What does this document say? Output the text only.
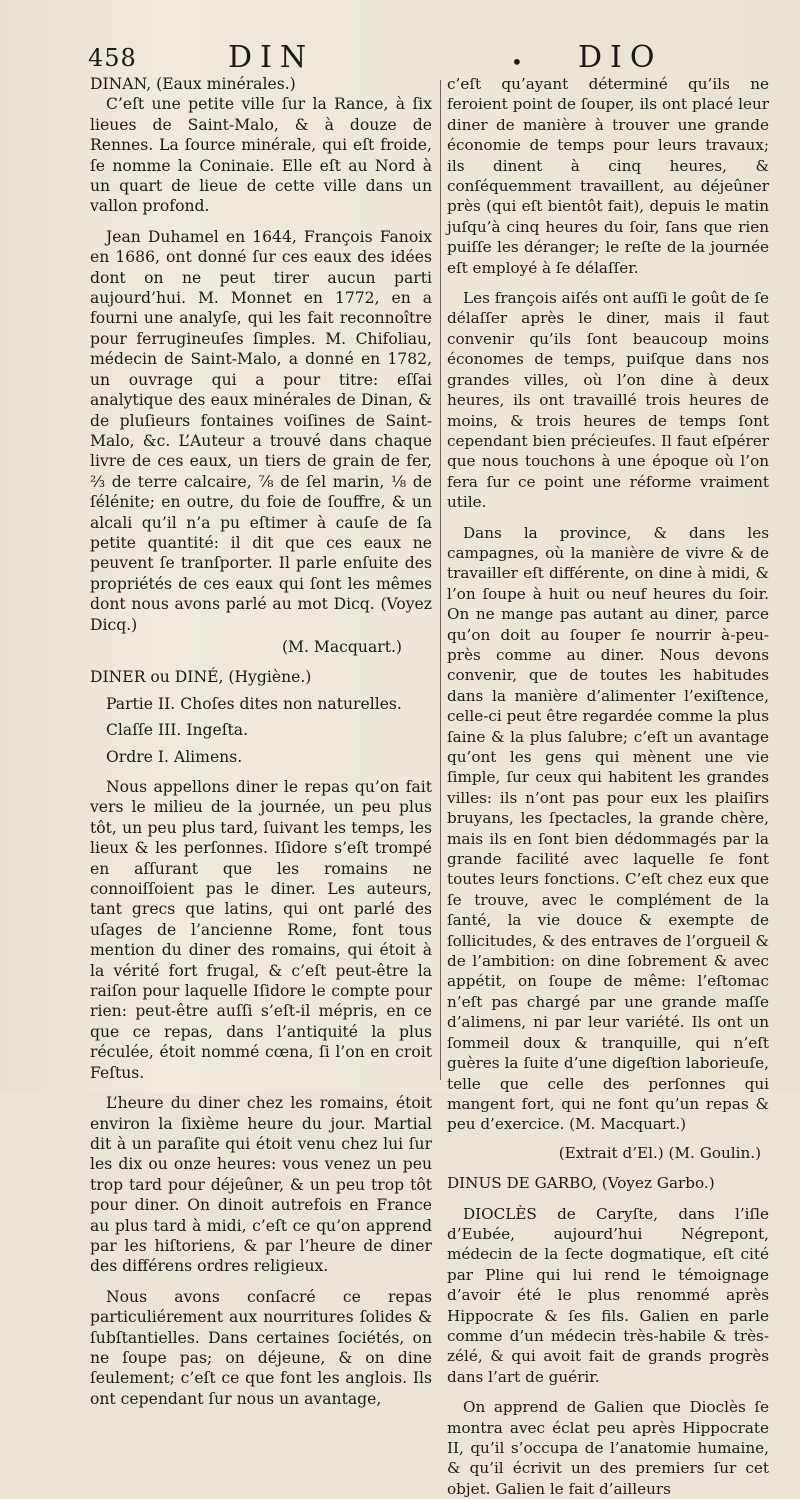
458	DIN	• DIO

DINAN, (Eaux minérales.)

C’eſt une petite ville ſur la Rance, à ſix lieues de Saint-Malo, & à douze de Rennes. La ſource minérale, qui eſt froide, ſe nomme la Coninaie. Elle eſt au Nord à un quart de lieue de cette ville dans un vallon profond.

Jean Duhamel en 1644, François Fanoix en 1686, ont donné ſur ces eaux des idées dont on ne peut tirer aucun parti aujourd’hui. M. Monnet en 1772, en a fourni une analyſe, qui les fait reconnoître pour ferrugineuſes ſimples. M. Chifoliau, médecin de Saint-Malo, a donné en 1782, un ouvrage qui a pour titre: eſſai analytique des eaux minérales de Dinan, & de pluſieurs fontaines voiſines de Saint-Malo, &c. L’Auteur a trouvé dans chaque livre de ces eaux, un tiers de grain de fer, ⅔ de terre calcaire, ⅞ de ſel marin, ⅛ de ſélénite; en outre, du foie de ſouffre, & un alcali qu’il n’a pu eſtimer à cauſe de ſa petite quantité: il dit que ces eaux ne peuvent ſe tranſporter. Il parle enſuite des propriétés de ces eaux qui ſont les mêmes dont nous avons parlé au mot Dicq. (Voyez Dicq.)

(M. Macquart.)

DINER ou DINÉ, (Hygiène.)

Partie II. Choſes dites non naturelles.

Claſſe III. Ingeſta.

Ordre I. Alimens.

Nous appellons diner le repas qu’on fait vers le milieu de la journée, un peu plus tôt, un peu plus tard, ſuivant les temps, les lieux & les perſonnes. Iſidore s’eſt trompé en aſſurant que les romains ne connoiſſoient pas le diner. Les auteurs, tant grecs que latins, qui ont parlé des uſages de l’ancienne Rome, font tous mention du diner des romains, qui étoit à la vérité fort frugal, & c’eſt peut-être la raiſon pour laquelle Iſidore le compte pour rien: peut-être auſſi s’eſt-il mépris, en ce que ce repas, dans l’antiquité la plus réculée, étoit nommé cœna, ſi l’on en croit Feſtus.

L’heure du diner chez les romains, étoit environ la ſixième heure du jour. Martial dit à un paraſite qui étoit venu chez lui ſur les dix ou onze heures: vous venez un peu trop tard pour déjeûner, & un peu trop tôt pour diner. On dinoit autrefois en France au plus tard à midi, c’eſt ce qu’on apprend par les hiſtoriens, & par l’heure de diner des différens ordres religieux.

Nous avons conſacré ce repas particuliérement aux nourritures ſolides & ſubſtantielles. Dans certaines ſociétés, on ne ſoupe pas; on déjeune, & on dine ſeulement; c’eſt ce que font les anglois. Ils ont cependant ſur nous un avantage,

c’eſt qu’ayant déterminé qu’ils ne feroient point de ſouper, ils ont placé leur diner de manière à trouver une grande économie de temps pour leurs travaux; ils dinent à cinq heures, & conſéquemment travaillent, au déjeûner près (qui eſt bientôt fait), depuis le matin juſqu’à cinq heures du ſoir, ſans que rien puiſſe les déranger; le reſte de la journée eſt employé à ſe délaſſer.

Les françois aiſés ont auſſi le goût de ſe délaſſer après le diner, mais il faut convenir qu’ils ſont beaucoup moins économes de temps, puiſque dans nos grandes villes, où l’on dine à deux heures, ils ont travaillé trois heures de moins, & trois heures de temps ſont cependant bien précieuſes. Il faut eſpérer que nous touchons à une époque où l’on fera ſur ce point une réforme vraiment utile.

Dans la province, & dans les campagnes, où la manière de vivre & de travailler eſt différente, on dine à midi, & l’on ſoupe à huit ou neuf heures du ſoir. On ne mange pas autant au diner, parce qu’on doit au ſouper ſe nourrir à-peu-près comme au diner. Nous devons convenir, que de toutes les habitudes dans la manière d’alimenter l’exiſtence, celle-ci peut être regardée comme la plus ſaine & la plus ſalubre; c’eſt un avantage qu’ont les gens qui mènent une vie ſimple, ſur ceux qui habitent les grandes villes: ils n’ont pas pour eux les plaiſirs bruyans, les ſpectacles, la grande chère, mais ils en ſont bien dédommagés par la grande facilité avec laquelle ſe font toutes leurs fonctions. C’eſt chez eux que ſe trouve, avec le complément de la ſanté, la vie douce & exempte de ſollicitudes, & des entraves de l’orgueil & de l’ambition: on dine ſobrement & avec appétit, on ſoupe de même: l’eſtomac n’eſt pas chargé par une grande maſſe d’alimens, ni par leur variété. Ils ont un ſommeil doux & tranquille, qui n’eſt guères la ſuite d’une digeſtion laborieuſe, telle que celle des perſonnes qui mangent fort, qui ne font qu’un repas & peu d’exercice. (M. Macquart.)

(Extrait d’El.) (M. Goulin.)

DINUS DE GARBO, (Voyez Garbo.)

DIOCLÈS de Caryſte, dans l’iſle d’Eubée, aujourd’hui Négrepont, médecin de la ſecte dogmatique, eſt cité par Pline qui lui rend le témoignage d’avoir été le plus renommé après Hippocrate & ſes fils. Galien en parle comme d’un médecin très-habile & très-zélé, & qui avoit fait de grands progrès dans l’art de guérir.

On apprend de Galien que Dioclès ſe montra avec éclat peu après Hippocrate II, qu’il s’occupa de l’anatomie humaine, & qu’il écrivit un des premiers ſur cet objet. Galien le fait d’ailleurs
